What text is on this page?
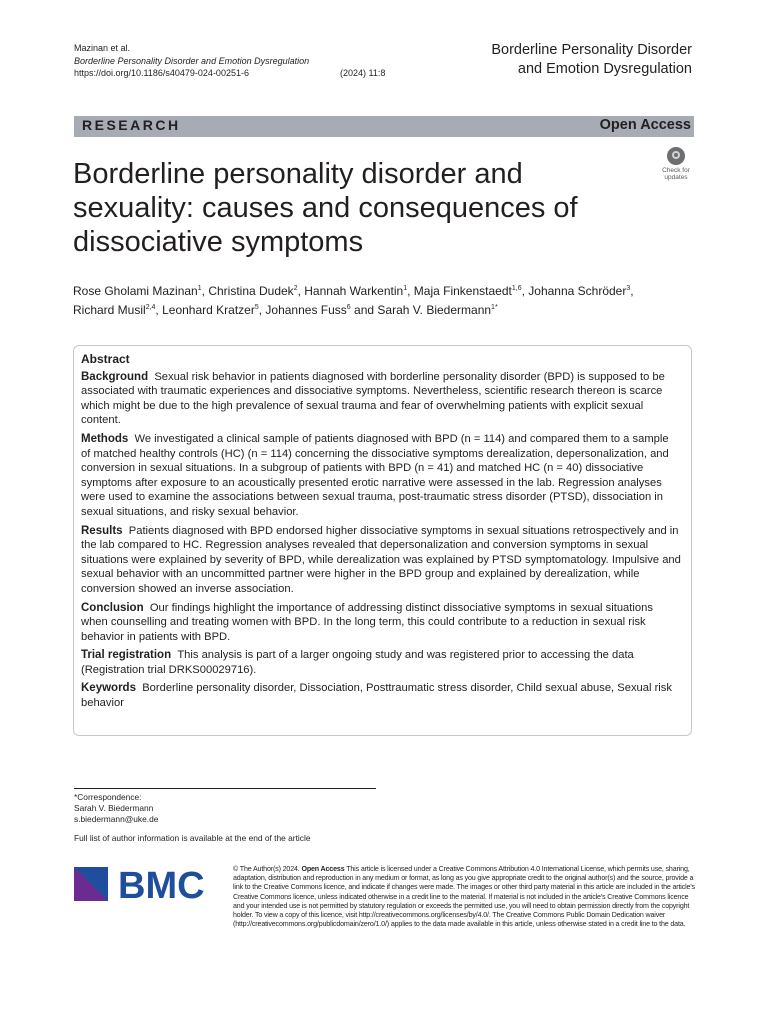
Mazinan et al.
Borderline Personality Disorder and Emotion Dysregulation
(2024) 11:8
https://doi.org/10.1186/s40479-024-00251-6
Borderline Personality Disorder
and Emotion Dysregulation
RESEARCH	Open Access
Borderline personality disorder and sexuality: causes and consequences of dissociative symptoms
Check for
updates
Rose Gholami Mazinan$^1$, Christina Dudek$^2$, Hannah Warkentin$^1$, Maja Finkenstaedt$^{1,6}$, Johanna Schröder$^3$,
Richard Musil$^{2,4}$, Leonhard Kratzer$^5$, Johannes Fuss$^6$ and Sarah V. Biedermann$^{1*}$
Abstract

Background Sexual risk behavior in patients diagnosed with borderline personality disorder (BPD) is supposed to be associated with traumatic experiences and dissociative symptoms. Nevertheless, scientific research thereon is scarce which might be due to the high prevalence of sexual trauma and fear of overwhelming patients with explicit sexual content.

Methods We investigated a clinical sample of patients diagnosed with BPD (n = 114) and compared them to a sample of matched healthy controls (HC) (n = 114) concerning the dissociative symptoms derealization, depersonalization, and conversion in sexual situations. In a subgroup of patients with BPD (n = 41) and matched HC (n = 40) dissociative symptoms after exposure to an acoustically presented erotic narrative were assessed in the lab. Regression analyses were used to examine the associations between sexual trauma, post-traumatic stress disorder (PTSD), dissociation in sexual situations, and risky sexual behavior.

Results Patients diagnosed with BPD endorsed higher dissociative symptoms in sexual situations retrospectively and in the lab compared to HC. Regression analyses revealed that depersonalization and conversion symptoms in sexual situations were explained by severity of BPD, while derealization was explained by PTSD symptomatology. Impulsive and sexual behavior with an uncommitted partner were higher in the BPD group and explained by derealization, while conversion showed an inverse association.

Conclusion Our findings highlight the importance of addressing distinct dissociative symptoms in sexual situations when counselling and treating women with BPD. In the long term, this could contribute to a reduction in sexual risk behavior in patients with BPD.

Trial registration This analysis is part of a larger ongoing study and was registered prior to accessing the data (Registration trial DRKS00029716).

Keywords Borderline personality disorder, Dissociation, Posttraumatic stress disorder, Child sexual abuse, Sexual risk behavior

*Correspondence:
Sarah V. Biedermann
s.biedermann@uke.de
Full list of author information is available at the end of the article
BMC	© The Author(s) 2024. Open Access This article is licensed under a Creative Commons Attribution 4.0 International License, which permits use, sharing, adaptation, distribution and reproduction in any medium or format, as long as you give appropriate credit to the original author(s) and the source, provide a link to the Creative Commons licence, and indicate if changes were made. The images or other third party material in this article are included in the article's Creative Commons licence, unless indicated otherwise in a credit line to the material. If material is not included in the article's Creative Commons licence and your intended use is not permitted by statutory regulation or exceeds the permitted use, you will need to obtain permission directly from the copyright holder. To view a copy of this licence, visit http://creativecommons.org/licenses/by/4.0/. The Creative Commons Public Domain Dedication waiver (http://creativecommons.org/publicdomain/zero/1.0/) applies to the data made available in this article, unless otherwise stated in a credit line to the data.
